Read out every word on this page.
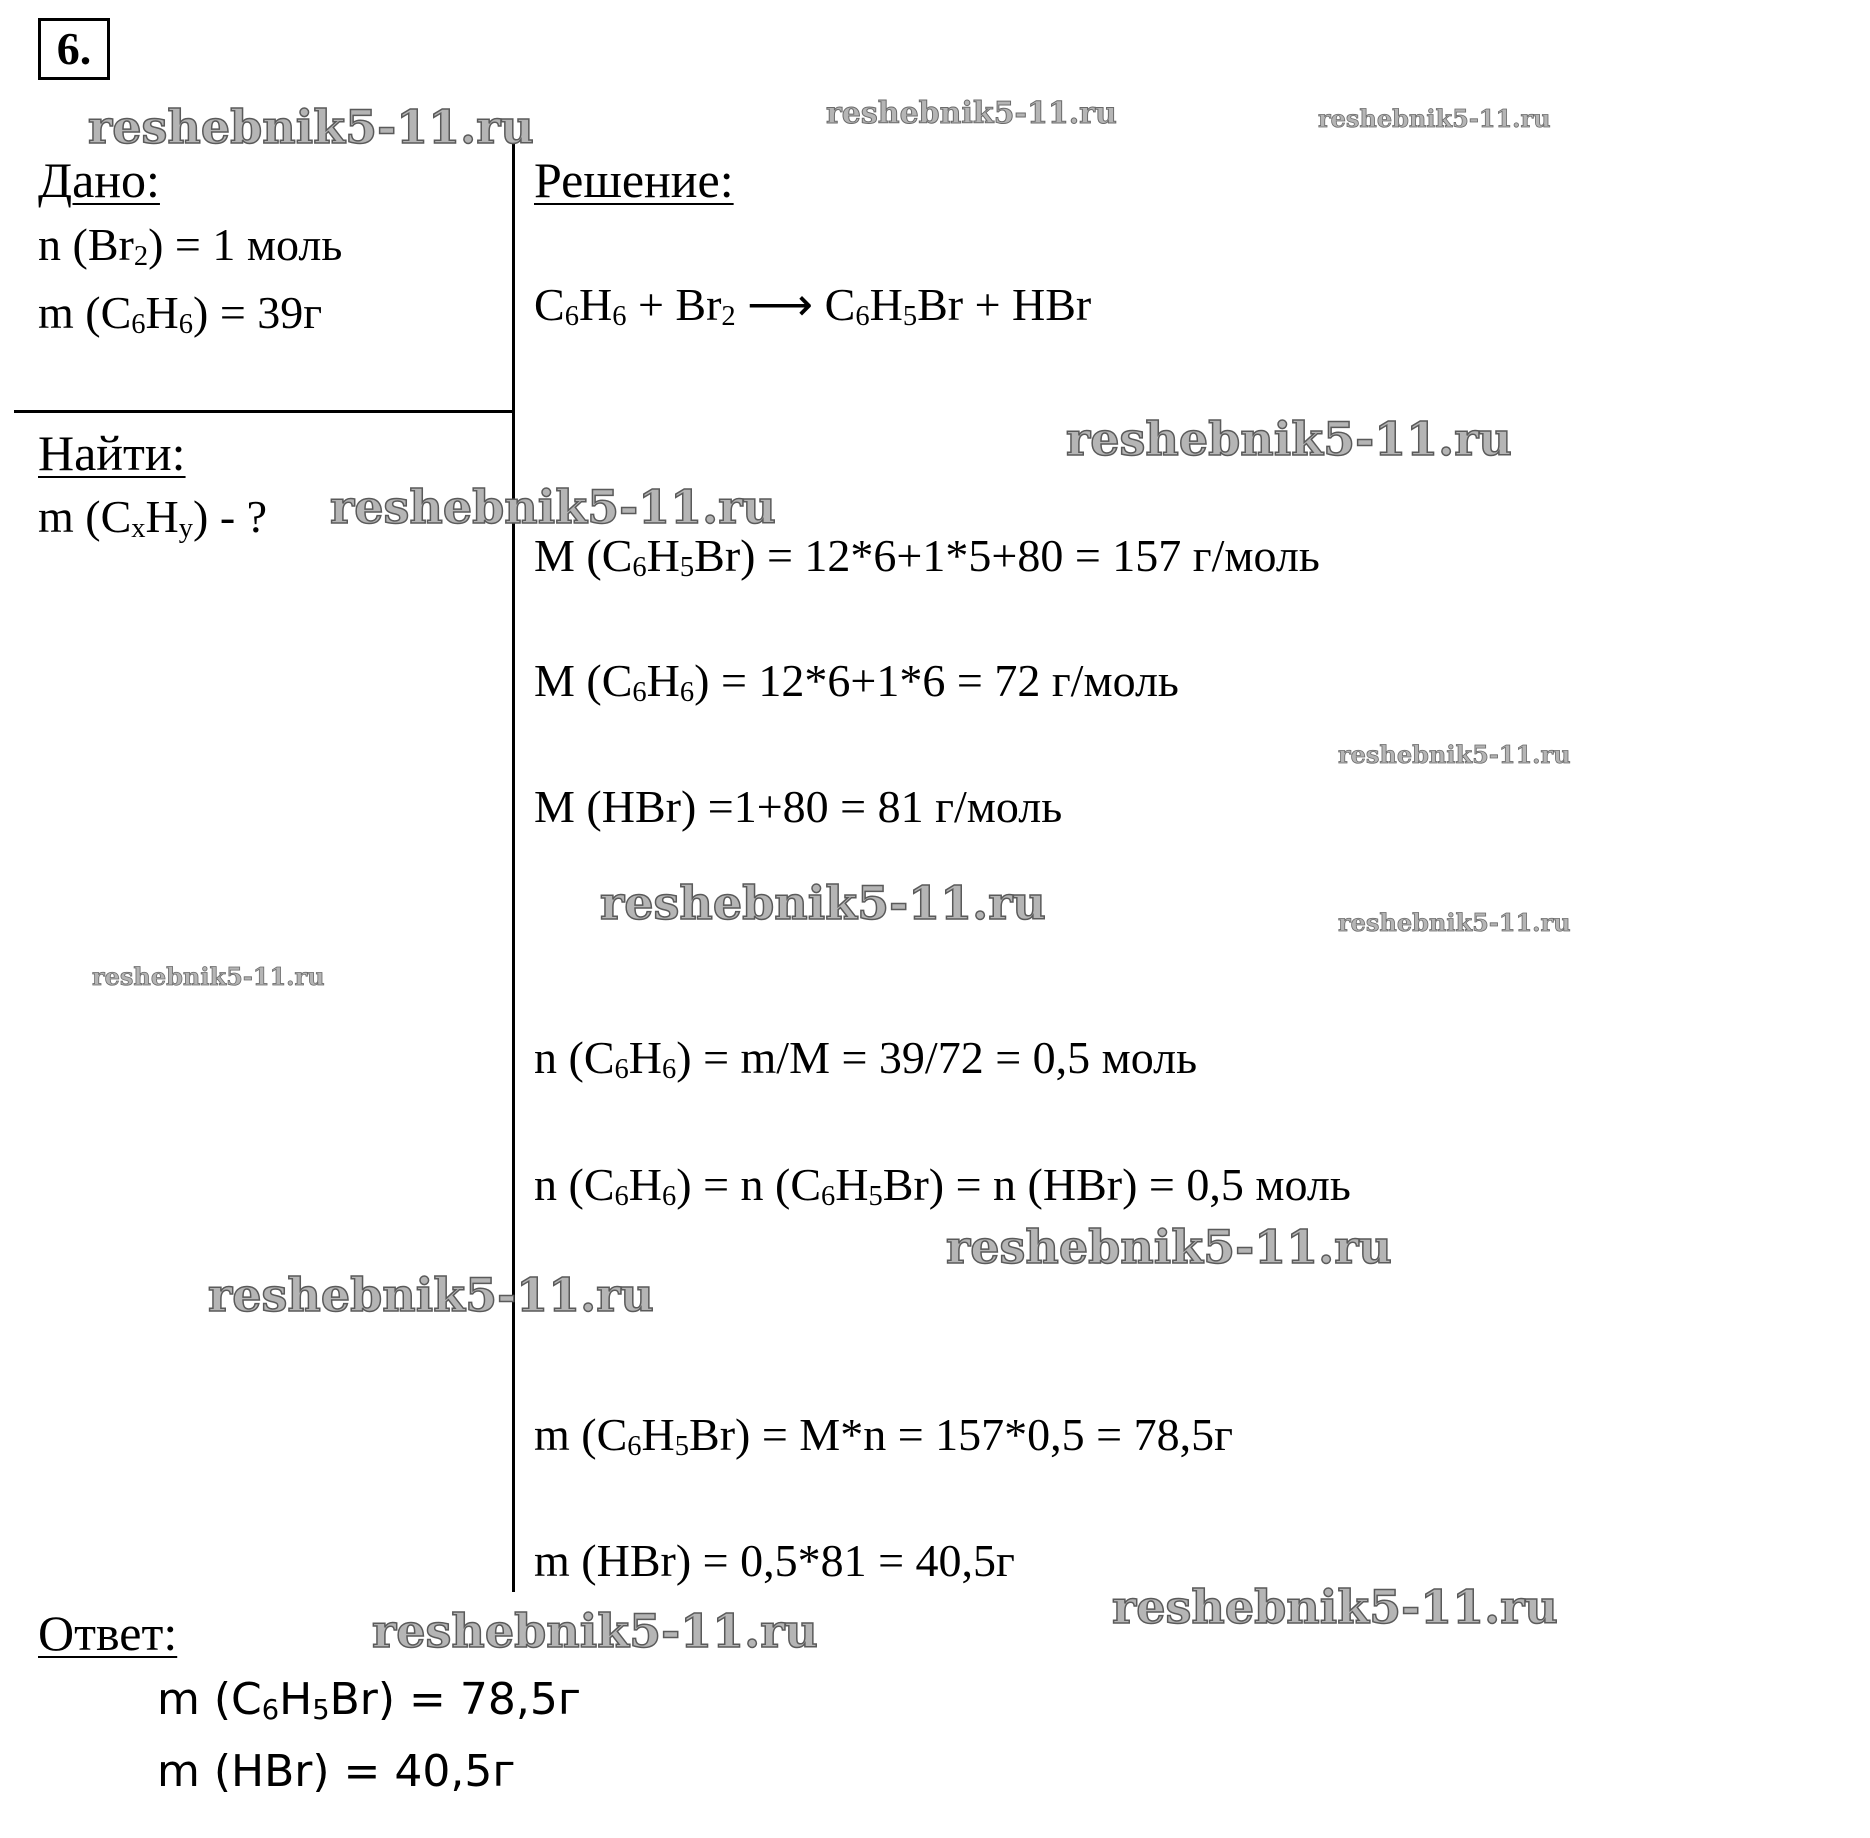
6.
Дано:
n (Br2) = 1 моль
m (C6H6) = 39г
Найти:
m (CxHy) - ?
Решение:
C6H6 + Br2 ⟶ C6H5Br + HBr
M (C6H5Br) = 12*6+1*5+80 = 157 г/моль
M (C6H6) = 12*6+1*6 = 72 г/моль
M (HBr) =1+80 = 81 г/моль
n (C6H6) = m/M = 39/72 = 0,5 моль
n (C6H6) = n (C6H5Br) = n (HBr) = 0,5 моль
m (C6H5Br) = M*n = 157*0,5 = 78,5г
m (HBr) = 0,5*81 = 40,5г
Ответ:
m (C6H5Br) = 78,5г
m (HBr) = 40,5г
reshebnik5-11.ru	reshebnik5-11.ru	reshebnik5-11.ru
reshebnik5-11.ru
reshebnik5-11.ru
reshebnik5-11.ru
reshebnik5-11.ru	reshebnik5-11.ru
reshebnik5-11.ru
reshebnik5-11.ru
reshebnik5-11.ru
reshebnik5-11.ru
reshebnik5-11.ru
